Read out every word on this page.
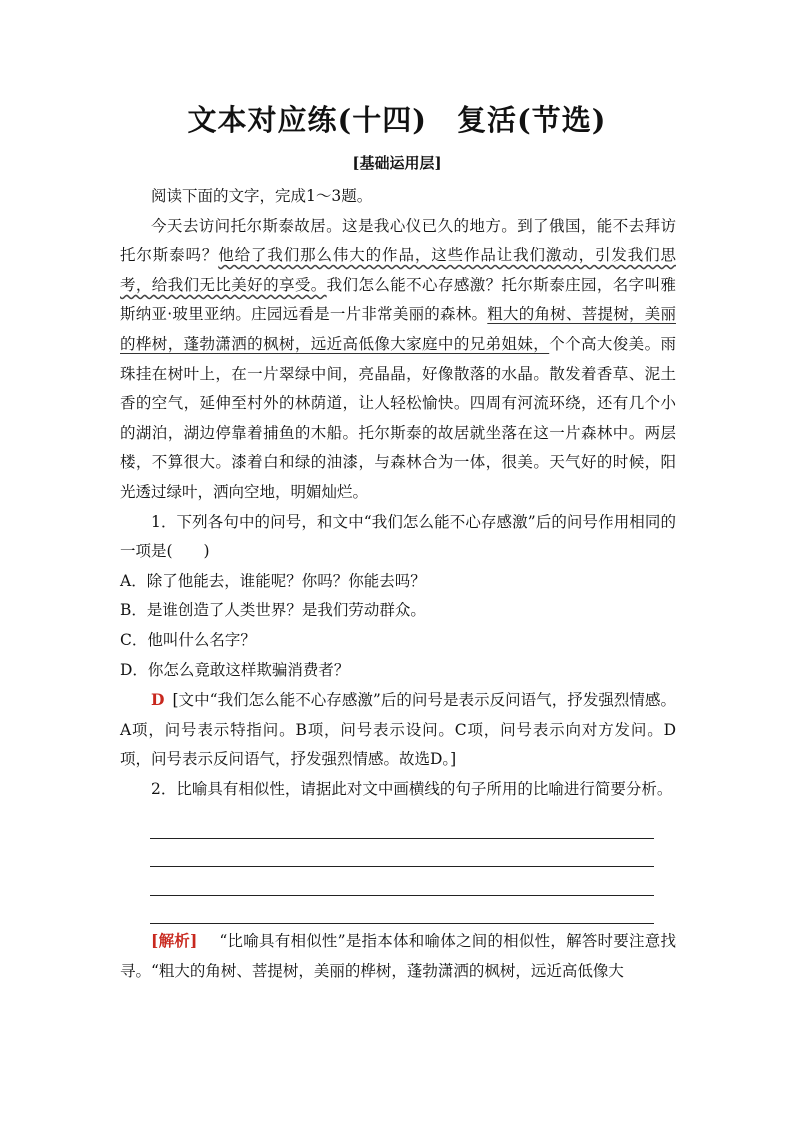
文本对应练(十四) 复活(节选)
[基础运用层]

阅读下面的文字，完成1～3题。

今天去访问托尔斯泰故居。这是我心仪已久的地方。到了俄国，能不去拜访托尔斯泰吗？他给了我们那么伟大的作品，这些作品让我们激动，引发我们思考，给我们无比美好的享受。我们怎么能不心存感激？托尔斯泰庄园，名字叫雅斯纳亚·玻里亚纳。庄园远看是一片非常美丽的森林。粗大的角树、菩提树，美丽的桦树，蓬勃潇洒的枫树，远近高低像大家庭中的兄弟姐妹，个个高大俊美。雨珠挂在树叶上，在一片翠绿中间，亮晶晶，好像散落的水晶。散发着香草、泥土香的空气，延伸至村外的林荫道，让人轻松愉快。四周有河流环绕，还有几个小的湖泊，湖边停靠着捕鱼的木船。托尔斯泰的故居就坐落在这一片森林中。两层楼，不算很大。漆着白和绿的油漆，与森林合为一体，很美。天气好的时候，阳光透过绿叶，洒向空地，明媚灿烂。

1．下列各句中的问号，和文中“我们怎么能不心存感激”后的问号作用相同的一项是(　　)

A．除了他能去，谁能呢？你吗？你能去吗？

B．是谁创造了人类世界？是我们劳动群众。

C．他叫什么名字？

D．你怎么竟敢这样欺骗消费者？

D [文中“我们怎么能不心存感激”后的问号是表示反问语气，抒发强烈情感。A项，问号表示特指问。B项，问号表示设问。C项，问号表示向对方发问。D项，问号表示反问语气，抒发强烈情感。故选D。]

2．比喻具有相似性，请据此对文中画横线的句子所用的比喻进行简要分析。

[解析] “比喻具有相似性”是指本体和喻体之间的相似性，解答时要注意找寻。“粗大的角树、菩提树，美丽的桦树，蓬勃潇洒的枫树，远近高低像大
